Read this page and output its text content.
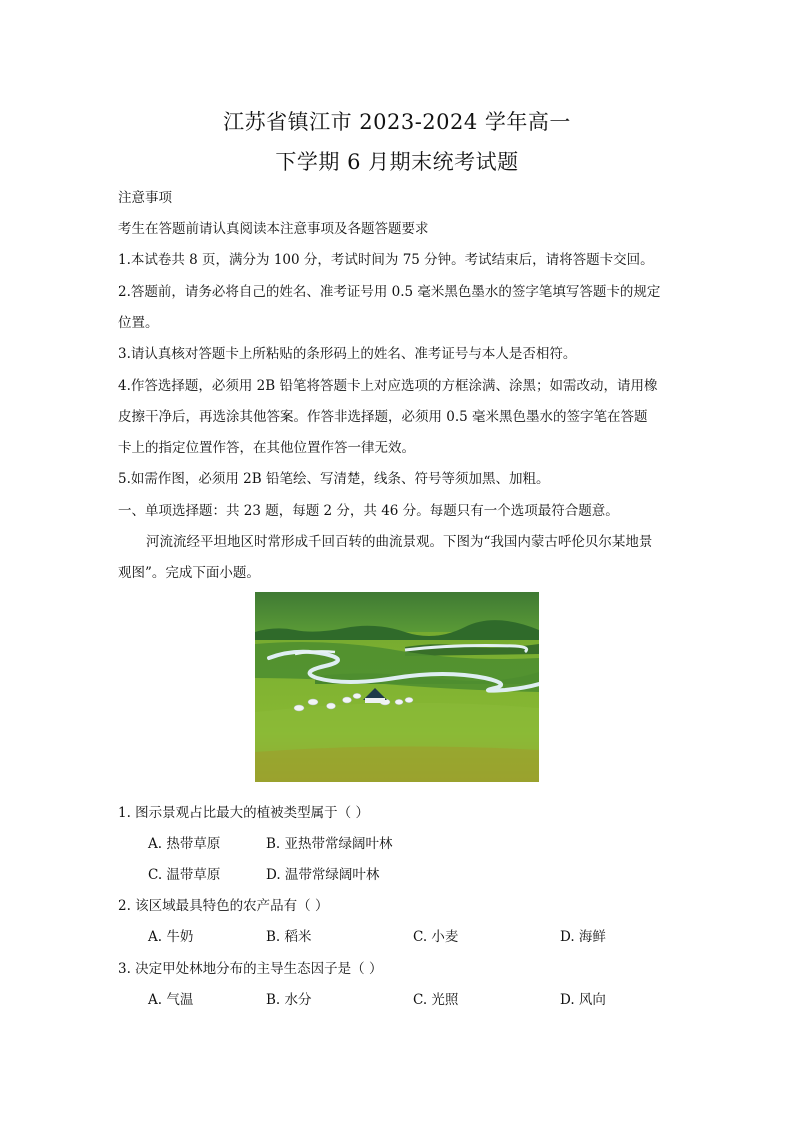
江苏省镇江市 2023-2024 学年高一
下学期 6 月期末统考试题
注意事项
考生在答题前请认真阅读本注意事项及各题答题要求
1.本试卷共 8 页，满分为 100 分，考试时间为 75 分钟。考试结束后，请将答题卡交回。
2.答题前，请务必将自己的姓名、准考证号用 0.5 毫米黑色墨水的签字笔填写答题卡的规定
位置。
3.请认真核对答题卡上所粘贴的条形码上的姓名、准考证号与本人是否相符。
4.作答选择题，必须用 2B 铅笔将答题卡上对应选项的方框涂满、涂黑；如需改动，请用橡
皮擦干净后，再选涂其他答案。作答非选择题，必须用 0.5 毫米黑色墨水的签字笔在答题
卡上的指定位置作答，在其他位置作答一律无效。
5.如需作图，必须用 2B 铅笔绘、写清楚，线条、符号等须加黑、加粗。
一、单项选择题：共 23 题，每题 2 分，共 46 分。每题只有一个选项最符合题意。
河流流经平坦地区时常形成千回百转的曲流景观。下图为“我国内蒙古呼伦贝尔某地景
观图”。完成下面小题。
1. 图示景观占比最大的植被类型属于（ ）
A. 热带草原	B. 亚热带常绿阔叶林
C. 温带草原	D. 温带常绿阔叶林
2. 该区域最具特色的农产品有（ ）
A. 牛奶	B. 稻米	C. 小麦	D. 海鲜
3. 决定甲处林地分布的主导生态因子是（ ）
A. 气温	B. 水分	C. 光照	D. 风向
